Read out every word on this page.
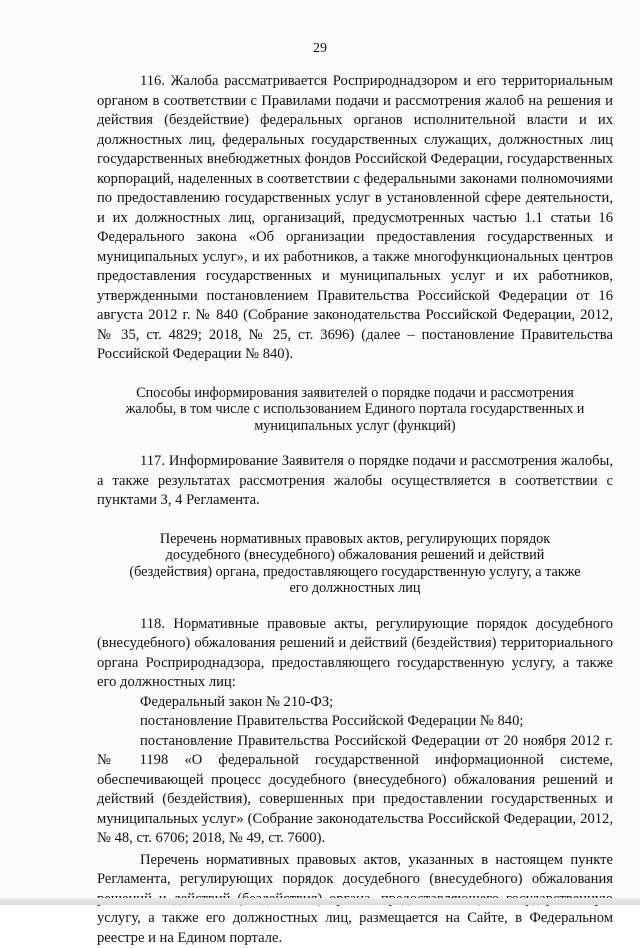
29

116. Жалоба рассматривается Росприроднадзором и его территориальным органом в соответствии с Правилами подачи и рассмотрения жалоб на решения и действия (бездействие) федеральных органов исполнительной власти и их должностных лиц, федеральных государственных служащих, должностных лиц государственных внебюджетных фондов Российской Федерации, государственных корпораций, наделенных в соответствии с федеральными законами полномочиями по предоставлению государственных услуг в установленной сфере деятельности, и их должностных лиц, организаций, предусмотренных частью 1.1 статьи 16 Федерального закона «Об организации предоставления государственных и муниципальных услуг», и их работников, а также многофункциональных центров предоставления государственных и муниципальных услуг и их работников, утвержденными постановлением Правительства Российской Федерации от 16 августа 2012 г. № 840 (Собрание законодательства Российской Федерации, 2012, № 35, ст. 4829; 2018, № 25, ст. 3696) (далее – постановление Правительства Российской Федерации № 840).

Способы информирования заявителей о порядке подачи и рассмотрения жалобы, в том числе с использованием Единого портала государственных и муниципальных услуг (функций)

117. Информирование Заявителя о порядке подачи и рассмотрения жалобы, а также результатах рассмотрения жалобы осуществляется в соответствии с пунктами 3, 4 Регламента.

Перечень нормативных правовых актов, регулирующих порядок досудебного (внесудебного) обжалования решений и действий (бездействия) органа, предоставляющего государственную услугу, а также его должностных лиц

118. Нормативные правовые акты, регулирующие порядок досудебного (внесудебного) обжалования решений и действий (бездействия) территориального органа Росприроднадзора, предоставляющего государственную услугу, а также его должностных лиц:

Федеральный закон № 210-ФЗ;

постановление Правительства Российской Федерации № 840;

постановление Правительства Российской Федерации от 20 ноября 2012 г. № 1198 «О федеральной государственной информационной системе, обеспечивающей процесс досудебного (внесудебного) обжалования решений и действий (бездействия), совершенных при предоставлении государственных и муниципальных услуг» (Собрание законодательства Российской Федерации, 2012, № 48, ст. 6706; 2018, № 49, ст. 7600).

Перечень нормативных правовых актов, указанных в настоящем пункте Регламента, регулирующих порядок досудебного (внесудебного) обжалования услугу, а также его должностных лиц, размещается на Сайте, в Федеральном реестре и на Едином портале.
